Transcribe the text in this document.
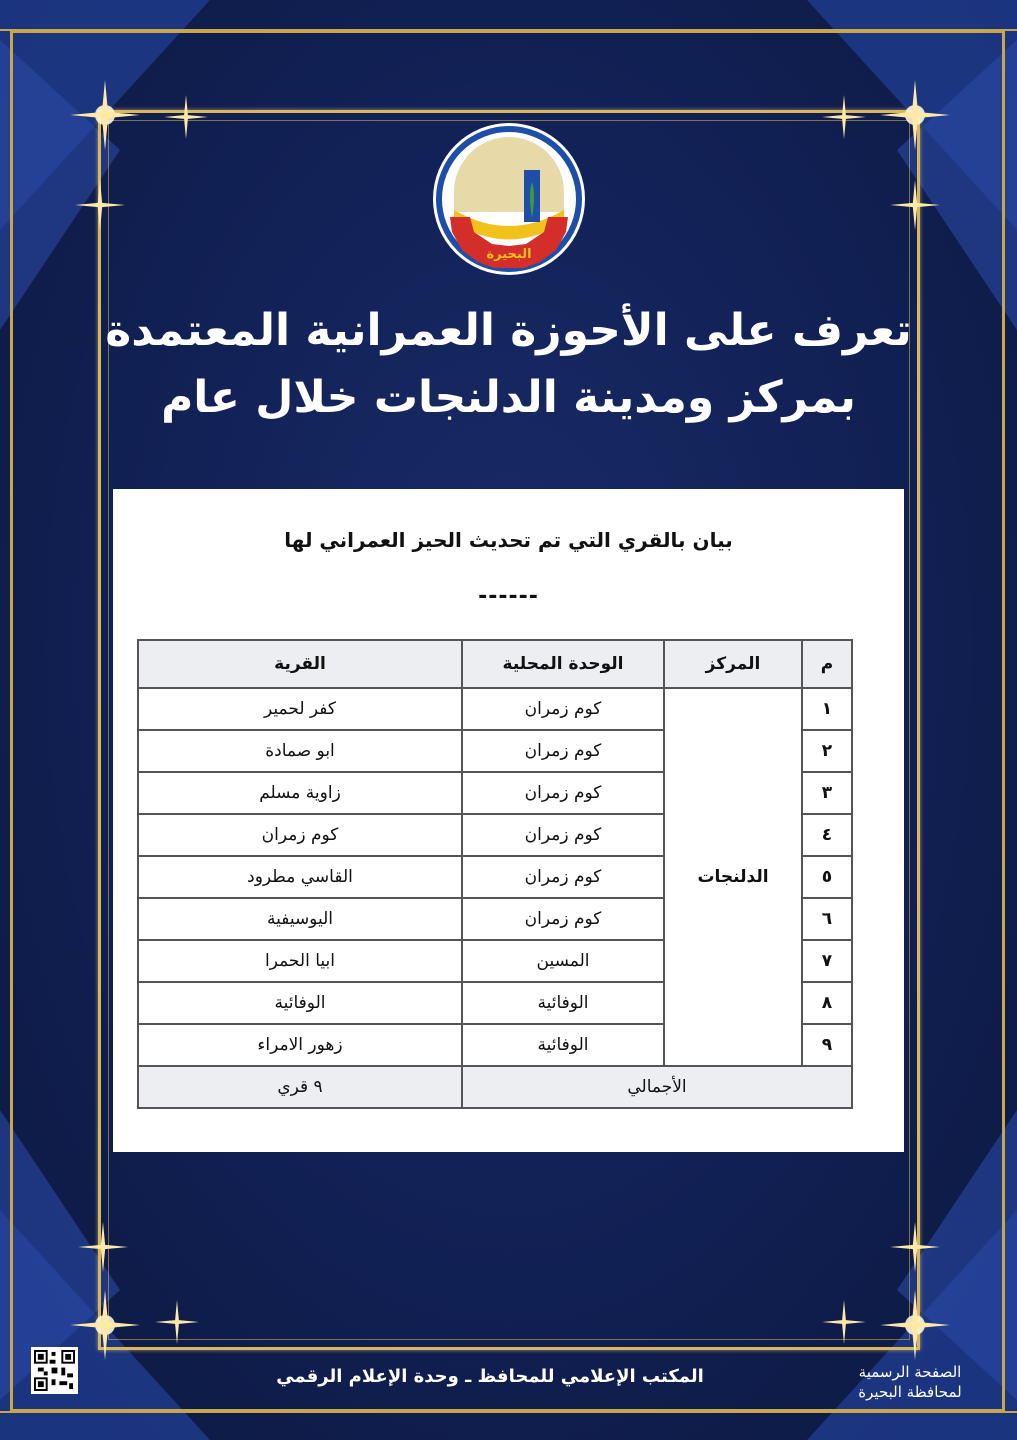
البحيرة
تعرف على الأحوزة العمرانية المعتمدة
بمركز ومدينة الدلنجات خلال عام
بيان بالقري التي تم تحديث الحيز العمراني لها
------
م	المركز	الوحدة المحلية	القرية
١	الدلنجات	كوم زمران	كفر لحمير
٢		كوم زمران	ابو صمادة
٣		كوم زمران	زاوية مسلم
٤		كوم زمران	كوم زمران
٥		كوم زمران	القاسي مطرود
٦		كوم زمران	اليوسيفية
٧		المسين	ابيا الحمرا
٨		الوفائية	الوفائية
٩		الوفائية	زهور الامراء
الأجمالي			٩ قري
المكتب الإعلامي للمحافظ ـ وحدة الإعلام الرقمي	الصفحة الرسمية
لمحافظة البحيرة
